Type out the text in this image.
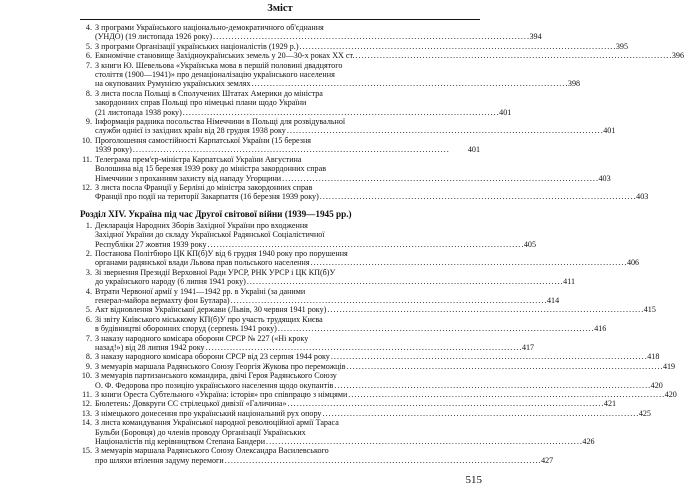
Зміст
4. З програми Українського національно-демократичного об'єднання
(УНДО) (19 листопада 1926 року) . . .	394
5. З програми Організації українських націоналістів (1929 р.) . . .	395
6. Економічне становище Західноукраїнських земель у 20—30-х роках XX ст. . . .	396
7. З книги Ю. Шевельова «Українська мова в першій половині двадцятого
століття (1900—1941)» про денаціоналізацію українського населення
на окупованих Румунією українських землях . . .	398
8. З листа посла Польщі в Сполучених Штатах Америки до міністра
закордонних справ Польщі про німецькі плани щодо України
(21 листопада 1938 року) . . .	401
9. Інформація радника посольства Німеччини в Польщі для розвідувальної
служби однієї із західних країн від 28 грудня 1938 року . . .	401
10. Проголошення самостійності Карпатської України (15 березня
1939 року) . . .	401
11. Телеграма прем'єр-міністра Карпатської України Августина
Волошина від 15 березня 1939 року до міністра закордонних справ
Німеччини з проханням захисту від нападу Угорщини . . .	403
12. З листа посла Франції у Берліні до міністра закордонних справ
Франції про події на території Закарпаття (16 березня 1939 року) . . .	403
Розділ XIV. Україна під час Другої світової війни (1939—1945 рр.)
1. Декларація Народних Зборів Західної України про входження
Західної України до складу Української Радянської Соціалістичної
Республіки 27 жовтня 1939 року . . .	405
2. Постанова Політбюро ЦК КП(б)У від 6 грудня 1940 року про порушення
органами радянської влади Львова прав польського населення . . .	406
3. Зі звернення Президії Верховної Ради УРСР, РНК УРСР і ЦК КП(б)У
до українського народу (6 липня 1941 року) . . .	411
4. Втрати Червоної армії у 1941—1942 рр. в Україні (за даними
генерал-майора вермахту фон Бутлара) . . .	414
5. Акт відновлення Української держави (Львів, 30 червня 1941 року) . . .	415
6. Зі звіту Київського міськкому КП(б)У про участь трудящих Києва
в будівництві оборонних споруд (серпень 1941 року) . . .	416
7. З наказу народного комісара оборони СРСР № 227 («Ні кроку
назад!») від 28 липня 1942 року . . .	417
8. З наказу народного комісара оборони СРСР від 23 серпня 1944 року . . .	418
9. З мемуарів маршала Радянського Союзу Георгія Жукова про переможців . . .	419
10. З мемуарів партизанського командира, двічі Героя Радянського Союзу
О. Ф. Федорова про позицію українського населення щодо окупантів . . .	420
11. З книги Ореста Субтельного «Україна: історія» про співпрацю з німцями . . .	420
12. Бюлетень: Довкруги СС стрілецької дивізії «Галичина» . . .	421
13. З німецького донесення про український національний рух опору . . .	425
14. З листа командування Української народної революційної армії Тараса
Бульби (Боровця) до членів проводу Організації Українських
Націоналістів під керівництвом Степана Бандери . . .	426
15. З мемуарів маршала Радянського Союзу Олександра Василевського
про шляхи втілення задуму перемоги . . .	427
515
